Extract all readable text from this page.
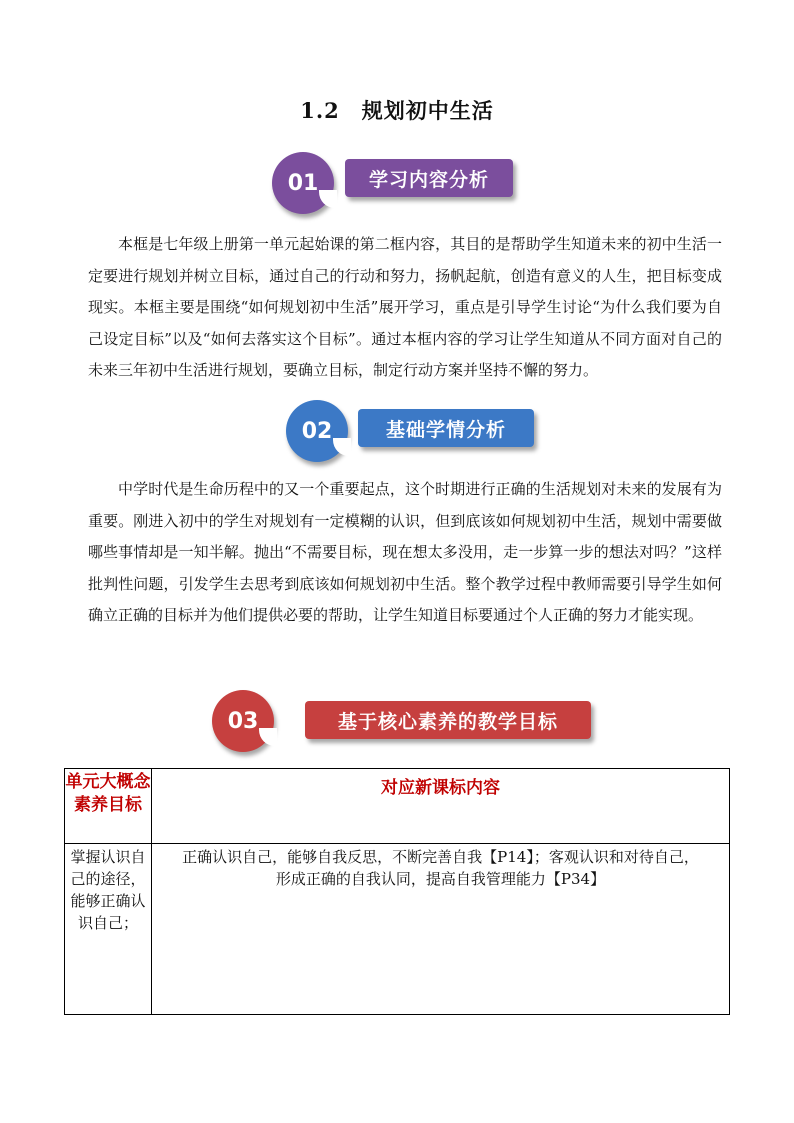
1.2 规划初中生活
01	学习内容分析

本框是七年级上册第一单元起始课的第二框内容，其目的是帮助学生知道未来的初中生活一定要进行规划并树立目标，通过自己的行动和努力，扬帆起航，创造有意义的人生，把目标变成现实。本框主要是围绕“如何规划初中生活”展开学习，重点是引导学生讨论“为什么我们要为自己设定目标”以及“如何去落实这个目标”。通过本框内容的学习让学生知道从不同方面对自己的未来三年初中生活进行规划，要确立目标，制定行动方案并坚持不懈的努力。

02	基础学情分析

中学时代是生命历程中的又一个重要起点，这个时期进行正确的生活规划对未来的发展有为重要。刚进入初中的学生对规划有一定模糊的认识，但到底该如何规划初中生活，规划中需要做哪些事情却是一知半解。抛出“不需要目标，现在想太多没用，走一步算一步的想法对吗？”这样批判性问题，引发学生去思考到底该如何规划初中生活。整个教学过程中教师需要引导学生如何确立正确的目标并为他们提供必要的帮助，让学生知道目标要通过个人正确的努力才能实现。

03	基于核心素养的教学目标
单元大概念素养目标	对应新课标内容
掌握认识自己的途径，能够正确认识自己；	正确认识自己，能够自我反思，不断完善自我【P14】；客观认识和对待自己，
形成正确的自我认同，提高自我管理能力【P34】
